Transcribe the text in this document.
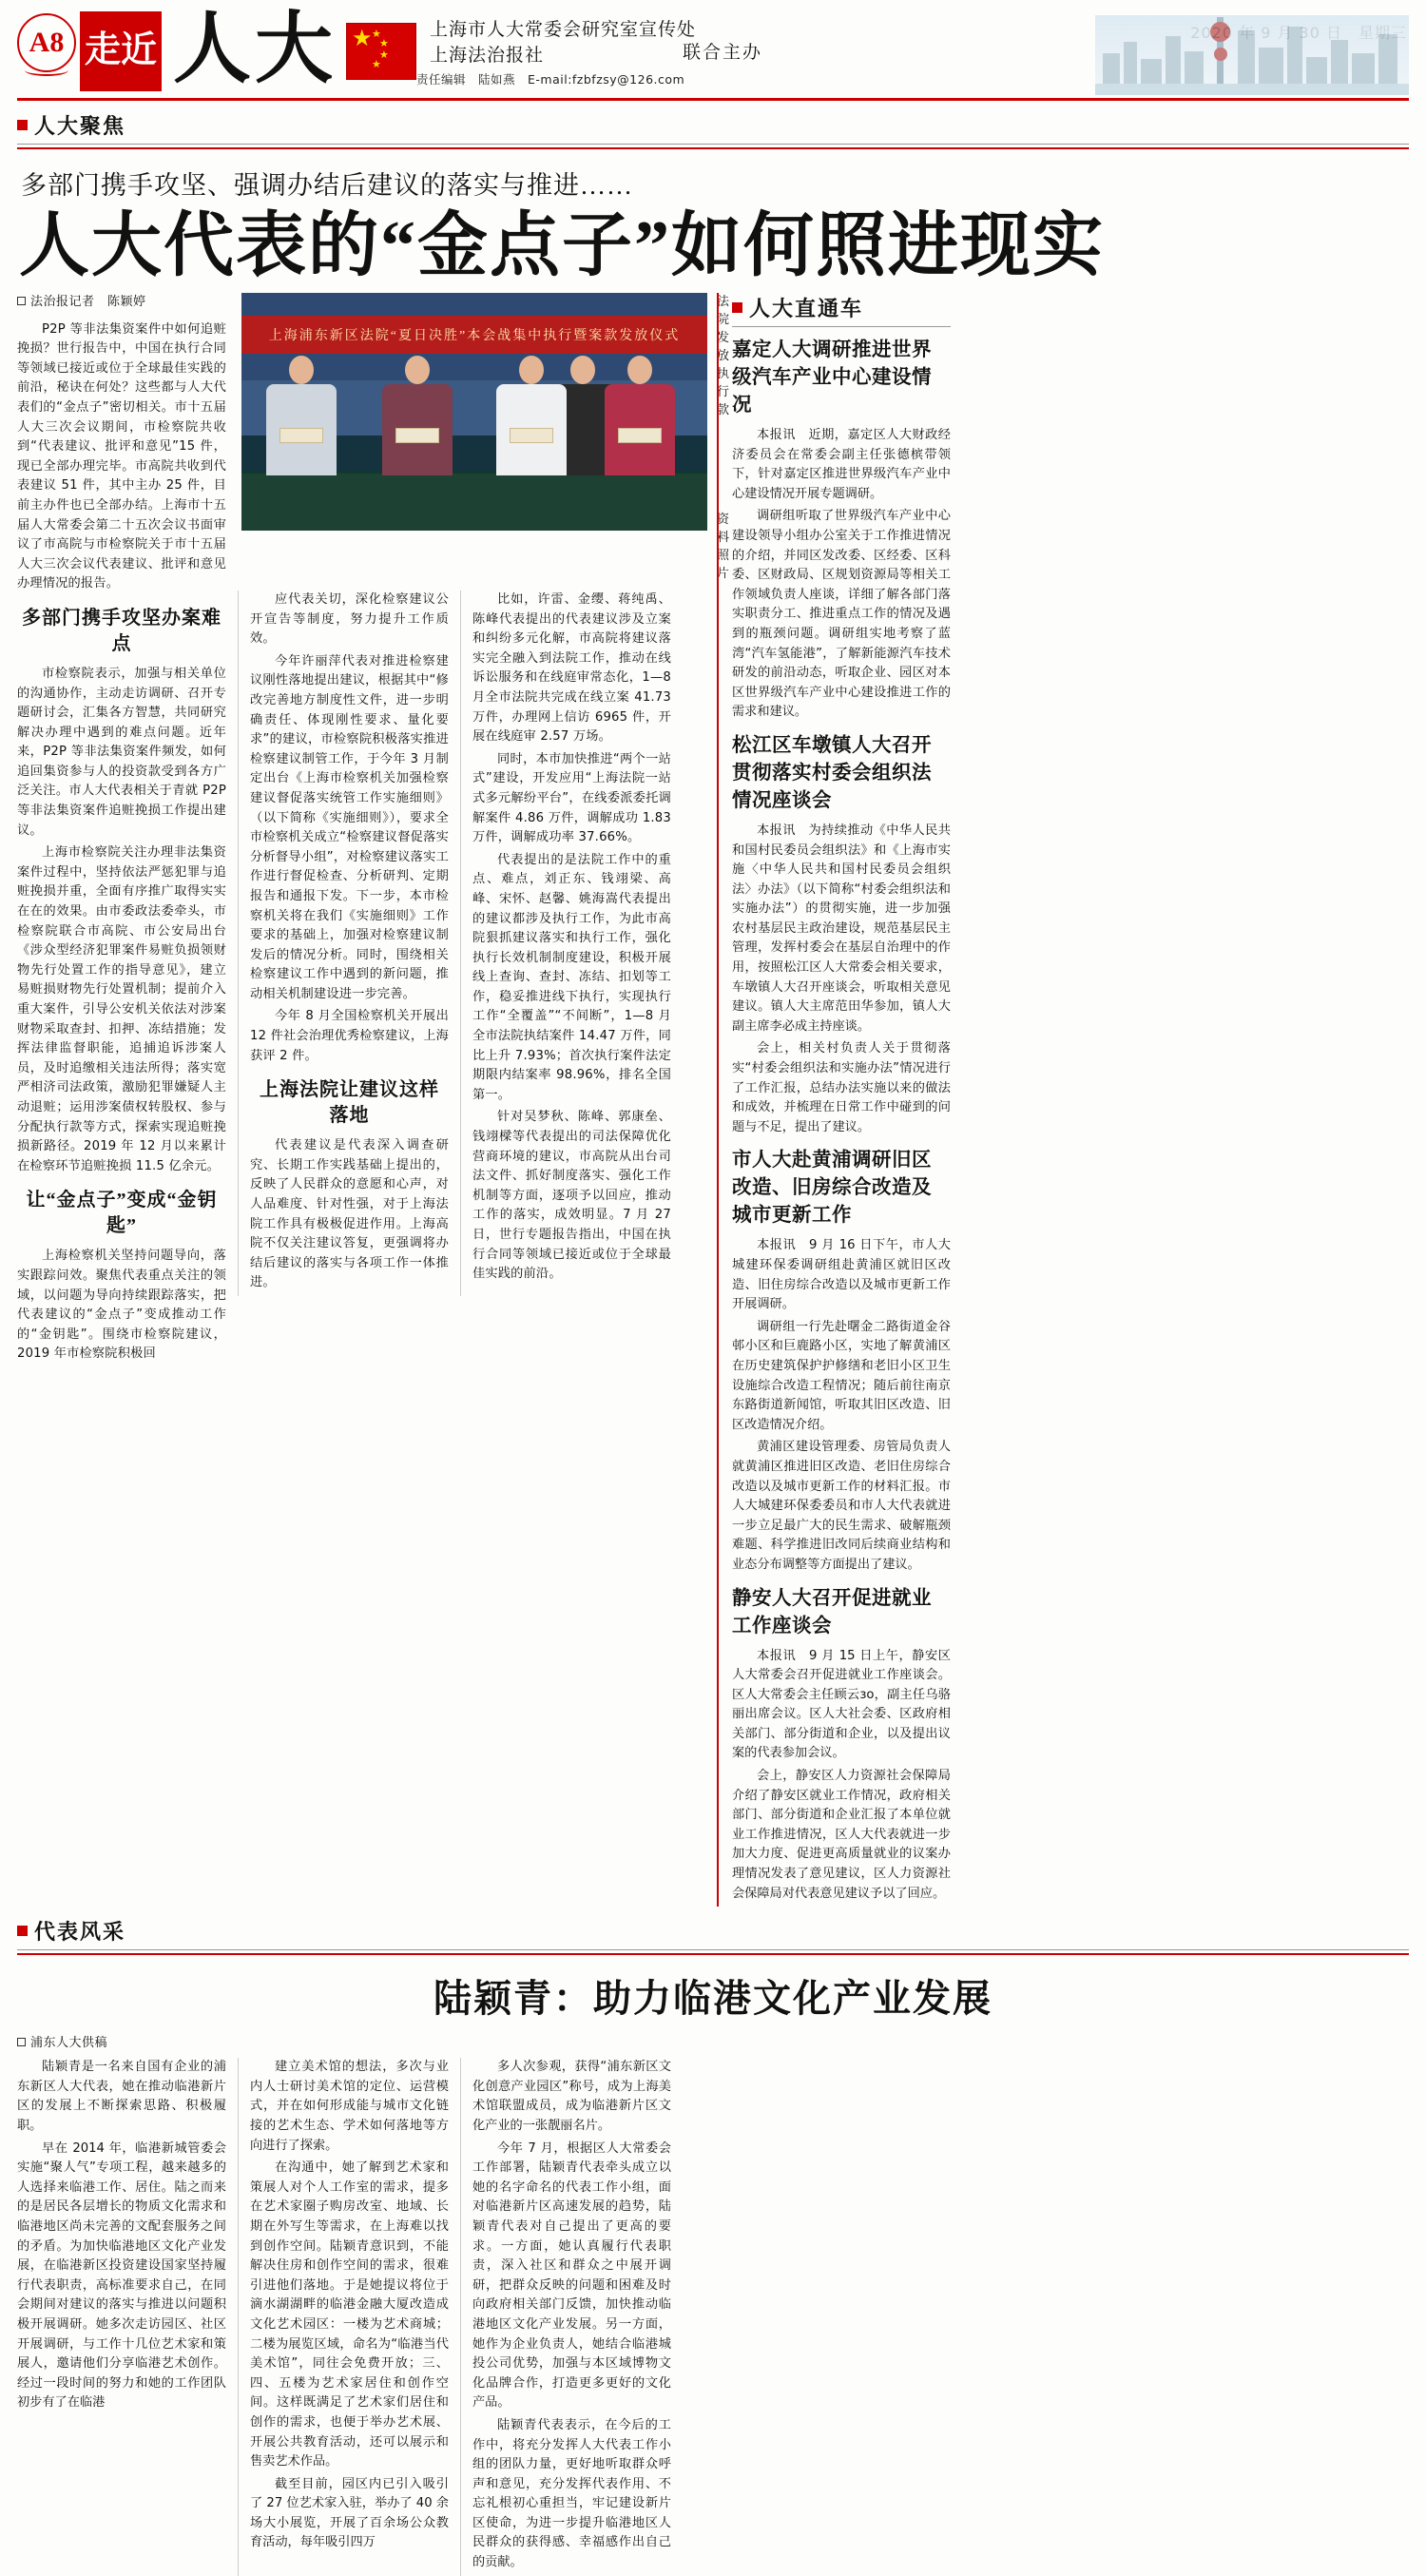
A8 走近 人大 ★ ★
★
★
★
上海市人大常委会研究室宣传处
上海法治报社	联合主办
责任编辑　陆如燕　E-mail:fzbfzsy@126.com
人大聚焦
多部门携手攻坚、强调办结后建议的落实与推进……
人大代表的“金点子”如何照进现实
法治报记者　陈颖婷

P2P 等非法集资案件中如何追赃挽损？世行报告中，中国在执行合同等领域已接近或位于全球最佳实践的前沿，秘诀在何处？这些都与人大代表们的“金点子”密切相关。市十五届人大三次会议期间，市检察院共收到“代表建议、批评和意见”15 件，现已全部办理完毕。市高院共收到代表建议 51 件，其中主办 25 件，目前主办件也已全部办结。上海市十五届人大常委会第二十五次会议书面审议了市高院与市检察院关于市十五届人大三次会议代表建议、批评和意见办理情况的报告。

多部门携手攻坚办案难点

市检察院表示，加强与相关单位的沟通协作，主动走访调研、召开专题研讨会，汇集各方智慧，共同研究解决办理中遇到的难点问题。近年来，P2P 等非法集资案件频发，如何追回集资参与人的投资款受到各方广泛关注。市人大代表相关于青就 P2P 等非法集资案件追赃挽损工作提出建议。

上海市检察院关注办理非法集资案件过程中，坚持依法严惩犯罪与追赃挽损并重，全面有序推广取得实实在在的效果。由市委政法委牵头，市检察院联合市高院、市公安局出台《涉众型经济犯罪案件易赃负损领财物先行处置工作的指导意见》，建立易赃损财物先行处置机制；提前介入重大案件，引导公安机关依法对涉案财物采取查封、扣押、冻结措施；发挥法律监督职能，追捕追诉涉案人员，及时追缴相关违法所得；落实宽严相济司法政策，激励犯罪嫌疑人主动退赃；运用涉案债权转股权、参与分配执行款等方式，探索实现追赃挽损新路径。2019 年 12 月以来累计在检察环节追赃挽损 11.5 亿余元。

让“金点子”变成“金钥匙”

上海检察机关坚持问题导向，落实跟踪问效。聚焦代表重点关注的领域，以问题为导向持续跟踪落实，把代表建议的“金点子”变成推动工作的“金钥匙”。围绕市检察院建议，2019 年市检察院积极回

上海浦东新区法院“夏日决胜”本会战集中执行暨案款发放仪式
法院发放执行款
资料照片

应代表关切，深化检察建议公开宣告等制度，努力提升工作质效。

今年许丽萍代表对推进检察建议刚性落地提出建议，根据其中“修改完善地方制度性文件，进一步明确责任、体现刚性要求、量化要求”的建议，市检察院积极落实推进检察建议制管工作，于今年 3 月制定出台《上海市检察机关加强检察建议督促落实统管工作实施细则》（以下简称《实施细则》），要求全市检察机关成立“检察建议督促落实分析督导小组”，对检察建议落实工作进行督促检查、分析研判、定期报告和通报下发。下一步，本市检察机关将在我们《实施细则》工作要求的基础上，加强对检察建议制发后的情况分析。同时，围绕相关检察建议工作中遇到的新问题，推动相关机制建设进一步完善。

今年 8 月全国检察机关开展出 12 件社会治理优秀检察建议，上海获评 2 件。

上海法院让建议这样落地

代表建议是代表深入调查研究、长期工作实践基础上提出的，反映了人民群众的意愿和心声，对人品难度、针对性强，对于上海法院工作具有极极促进作用。上海高院不仅关注建议答复，更强调将办结后建议的落实与各项工作一体推进。

比如，许雷、金缨、蒋纯禹、陈峰代表提出的代表建议涉及立案和纠纷多元化解，市高院将建议落实完全融入到法院工作，推动在线诉讼服务和在线庭审常态化，1—8 月全市法院共完成在线立案 41.73 万件，办理网上信访 6965 件，开展在线庭审 2.57 万场。

同时，本市加快推进“两个一站式”建设，开发应用“上海法院一站式多元解纷平台”，在线委派委托调解案件 4.86 万件，调解成功 1.83 万件，调解成功率 37.66%。

代表提出的是法院工作中的重点、难点，刘正东、钱翊梁、高峰、宋怀、赵馨、姚海嵩代表提出的建议都涉及执行工作，为此市高院狠抓建议落实和执行工作，强化执行长效机制制度建设，积极开展线上查询、查封、冻结、扣划等工作，稳妥推进线下执行，实现执行工作“全覆盖”“不间断”，1—8 月全市法院执结案件 14.47 万件，同比上升 7.93%；首次执行案件法定期限内结案率 98.96%，排名全国第一。

针对吴梦秋、陈峰、郭康垒、钱翊樑等代表提出的司法保障优化营商环境的建议，市高院从出台司法文件、抓好制度落实、强化工作机制等方面，逐项予以回应，推动工作的落实，成效明显。7 月 27 日，世行专题报告指出，中国在执行合同等领域已接近或位于全球最佳实践的前沿。

人大直通车
嘉定人大调研推进世界级汽车产业中心建设情况

本报讯　近期，嘉定区人大财政经济委员会在常委会副主任张德槟带领下，针对嘉定区推进世界级汽车产业中心建设情况开展专题调研。

调研组听取了世界级汽车产业中心建设领导小组办公室关于工作推进情况的介绍，并同区发改委、区经委、区科委、区财政局、区规划资源局等相关工作领域负责人座谈，详细了解各部门落实职责分工、推进重点工作的情况及遇到的瓶颈问题。调研组实地考察了蓝湾“汽车氢能港”，了解新能源汽车技术研发的前沿动态，听取企业、园区对本区世界级汽车产业中心建设推进工作的需求和建议。

松江区车墩镇人大召开贯彻落实村委会组织法情况座谈会

本报讯　为持续推动《中华人民共和国村民委员会组织法》和《上海市实施〈中华人民共和国村民委员会组织法〉办法》（以下简称“村委会组织法和实施办法”）的贯彻实施，进一步加强农村基层民主政治建设，规范基层民主管理，发挥村委会在基层自治理中的作用，按照松江区人大常委会相关要求，车墩镇人大召开座谈会，听取相关意见建议。镇人大主席范田华参加，镇人大副主席李必成主持座谈。

会上，相关村负责人关于贯彻落实“村委会组织法和实施办法”情况进行了工作汇报，总结办法实施以来的做法和成效，并梳理在日常工作中碰到的问题与不足，提出了建议。

市人大赴黄浦调研旧区改造、旧房综合改造及城市更新工作

本报讯　9 月 16 日下午，市人大城建环保委调研组赴黄浦区就旧区改造、旧住房综合改造以及城市更新工作开展调研。

调研组一行先赴曙金二路街道金谷邨小区和巨鹿路小区，实地了解黄浦区在历史建筑保护护修缮和老旧小区卫生设施综合改造工程情况；随后前往南京东路街道新闻馆，听取其旧区改造、旧区改造情况介绍。

黄浦区建设管理委、房管局负责人就黄浦区推进旧区改造、老旧住房综合改造以及城市更新工作的材料汇报。市人大城建环保委委员和市人大代表就进一步立足最广大的民生需求、破解瓶颈难题、科学推进旧改同后续商业结构和业态分布调整等方面提出了建议。

静安人大召开促进就业工作座谈会

本报讯　9 月 15 日上午，静安区人大常委会召开促进就业工作座谈会。区人大常委会主任顾云зо，副主任乌骆丽出席会议。区人大社会委、区政府相关部门、部分街道和企业，以及提出议案的代表参加会议。

会上，静安区人力资源社会保障局介绍了静安区就业工作情况，政府相关部门、部分街道和企业汇报了本单位就业工作推进情况，区人大代表就进一步加大力度、促进更高质量就业的议案办理情况发表了意见建议，区人力资源社会保障局对代表意见建议予以了回应。

代表风采
陆颖青：助力临港文化产业发展
浦东人大供稿

陆颖青是一名来自国有企业的浦东新区人大代表，她在推动临港新片区的发展上不断探索思路、积极履职。

早在 2014 年，临港新城管委会实施“聚人气”专项工程，越来越多的人选择来临港工作、居住。陆之而来的是居民各层增长的物质文化需求和临港地区尚未完善的文配套服务之间的矛盾。为加快临港地区文化产业发展，在临港新区投资建设国家坚持履行代表职责，高标准要求自己，在同会期间对建议的落实与推进以问题积极开展调研。她多次走访园区、社区开展调研，与工作十几位艺术家和策展人，邀请他们分享临港艺术创作。经过一段时间的努力和她的工作团队初步有了在临港

建立美术馆的想法，多次与业内人士研讨美术馆的定位、运营模式，并在如何形成能与城市文化链接的艺术生态、学术如何落地等方向进行了探索。

在沟通中，她了解到艺术家和策展人对个人工作室的需求，提多在艺术家圈子购房改室、地域、长期在外写生等需求，在上海难以找到创作空间。陆颖青意识到，不能解决住房和创作空间的需求，很难引进他们落地。于是她提议将位于滴水湖湖畔的临港金融大厦改造成文化艺术园区：一楼为艺术商城；二楼为展览区域，命名为“临港当代美术馆”，同往会免费开放；三、四、五楼为艺术家居住和创作空间。这样既满足了艺术家们居住和创作的需求，也便于举办艺术展、开展公共教育活动，还可以展示和售卖艺术作品。

截至目前，园区内已引入吸引了 27 位艺术家入驻，举办了 40 余场大小展览，开展了百余场公众教育活动，每年吸引四万

多人次参观，获得“浦东新区文化创意产业园区”称号，成为上海美术馆联盟成员，成为临港新片区文化产业的一张靓丽名片。

今年 7 月，根据区人大常委会工作部署，陆颖青代表牵头成立以她的名字命名的代表工作小组，面对临港新片区高速发展的趋势，陆颖青代表对自己提出了更高的要求。一方面，她认真履行代表职责，深入社区和群众之中展开调研，把群众反映的问题和困难及时向政府相关部门反馈，加快推动临港地区文化产业发展。另一方面，她作为企业负责人，她结合临港城投公司优势，加强与本区域博物文化品牌合作，打造更多更好的文化产品。

陆颖青代表表示，在今后的工作中，将充分发挥人大代表工作小组的团队力量，更好地听取群众呼声和意见，充分发挥代表作用、不忘礼根初心重担当，牢记建设新片区使命，为进一步提升临港地区人民群众的获得感、幸福感作出自己的贡献。
